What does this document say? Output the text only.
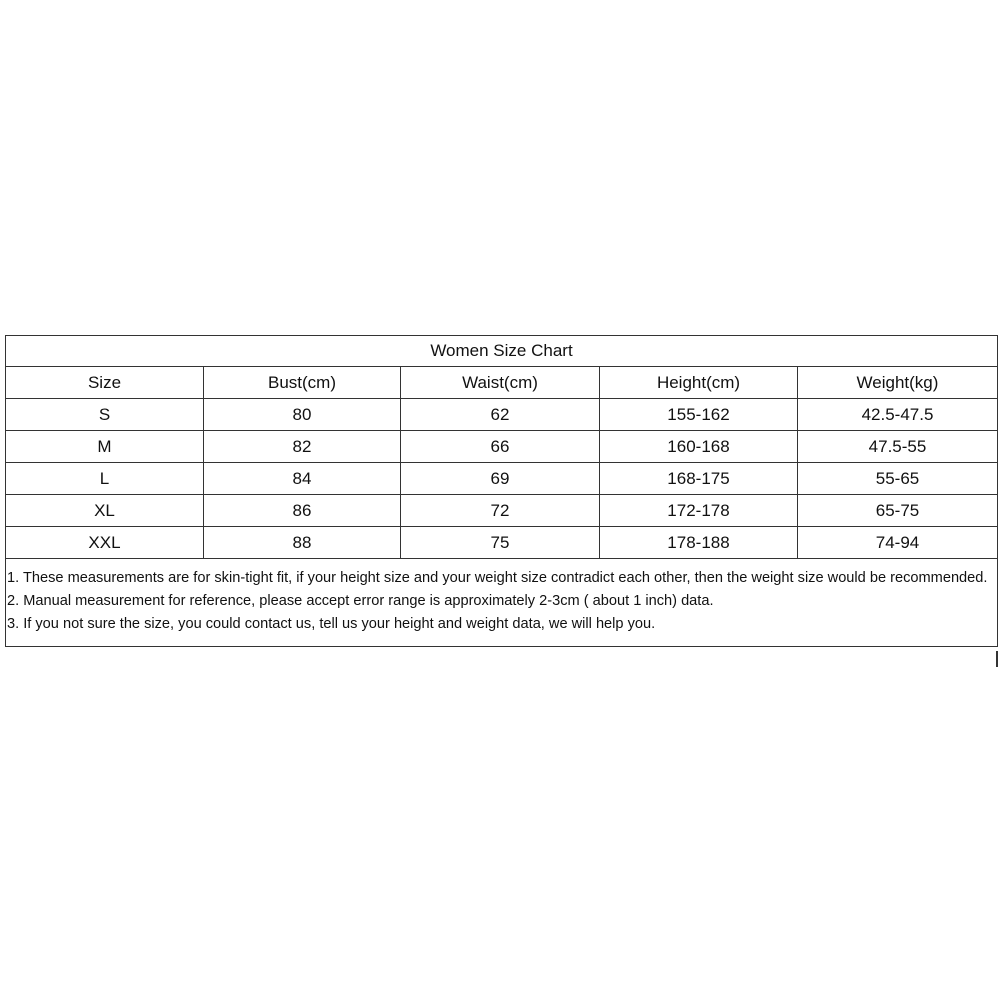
Women Size Chart				
Size	Bust(cm)	Waist(cm)	Height(cm)	Weight(kg)
S	80	62	155-162	42.5-47.5
M	82	66	160-168	47.5-55
L	84	69	168-175	55-65
XL	86	72	172-178	65-75
XXL	88	75	178-188	74-94

1. These measurements are for skin-tight fit, if your height size and your weight size contradict each other, then the weight size would be recommended.
2. Manual measurement for reference, please accept error range is approximately 2-3cm ( about 1 inch) data.
3. If you not sure the size, you could contact us, tell us your height and weight data, we will help you.				
